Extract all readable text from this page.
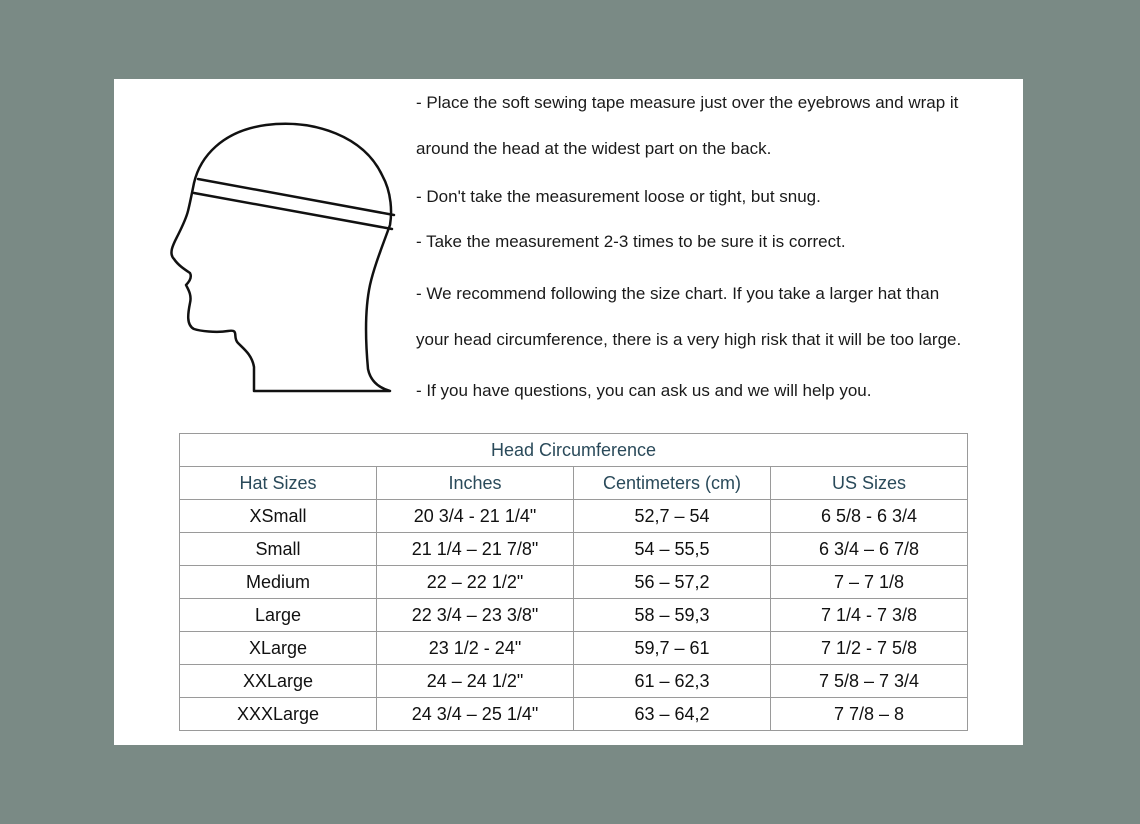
- Place the soft sewing tape measure just over the eyebrows and wrap it
around the head at the widest part on the back.
- Don't take the measurement loose or tight, but snug.
- Take the measurement 2-3 times to be sure it is correct.
- We recommend following the size chart. If you take a larger hat than
your head circumference, there is a very high risk that it will be too large.
- If you have questions, you can ask us and we will help you.
Head Circumference			
Hat Sizes	Inches	Centimeters (cm)	US Sizes
XSmall	20 3/4 - 21 1/4"	52,7 – 54	6 5/8 - 6 3/4
Small	21 1/4 – 21 7/8"	54 – 55,5	6 3/4 – 6 7/8
Medium	22 – 22 1/2"	56 – 57,2	7 – 7 1/8
Large	22 3/4 – 23 3/8"	58 – 59,3	7 1/4 - 7 3/8
XLarge	23 1/2 - 24"	59,7 – 61	7 1/2 - 7 5/8
XXLarge	24 – 24 1/2"	61 – 62,3	7 5/8 – 7 3/4
XXXLarge	24 3/4 – 25 1/4"	63 – 64,2	7 7/8 – 8
